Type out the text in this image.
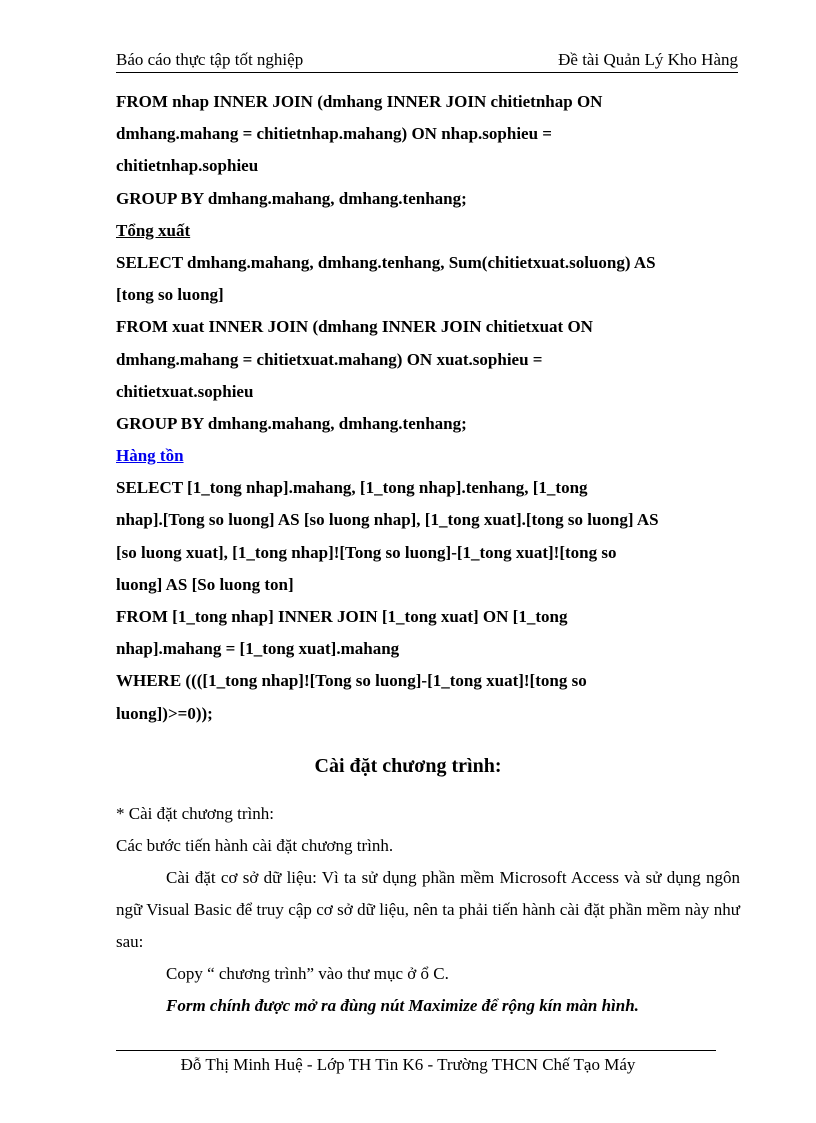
Báo cáo thực tập tốt nghiệp	Đề tài Quản Lý Kho Hàng
FROM nhap INNER JOIN (dmhang INNER JOIN chitietnhap ON
dmhang.mahang = chitietnhap.mahang) ON nhap.sophieu =
chitietnhap.sophieu
GROUP BY dmhang.mahang, dmhang.tenhang;
Tổng xuất
SELECT dmhang.mahang, dmhang.tenhang, Sum(chitietxuat.soluong) AS
[tong so luong]
FROM xuat INNER JOIN (dmhang INNER JOIN chitietxuat ON
dmhang.mahang = chitietxuat.mahang) ON xuat.sophieu =
chitietxuat.sophieu
GROUP BY dmhang.mahang, dmhang.tenhang;
Hàng tồn
SELECT [1_tong nhap].mahang, [1_tong nhap].tenhang, [1_tong
nhap].[Tong so luong] AS [so luong nhap], [1_tong xuat].[tong so luong] AS
[so luong xuat], [1_tong nhap]![Tong so luong]-[1_tong xuat]![tong so
luong] AS [So luong ton]
FROM [1_tong nhap] INNER JOIN [1_tong xuat] ON [1_tong
nhap].mahang = [1_tong xuat].mahang
WHERE ((([1_tong nhap]![Tong so luong]-[1_tong xuat]![tong so
luong])>=0));
Cài đặt chương trình:
* Cài đặt chương trình:
Các bước tiến hành cài đặt chương trình.
Cài đặt cơ sở dữ liệu: Vì ta sử dụng phần mềm Microsoft Access và sử dụng ngôn ngữ Visual Basic để truy cập cơ sở dữ liệu, nên ta phải tiến hành cài đặt phần mềm này như sau:
Copy “ chương trình” vào thư mục ở ổ C.
Form chính được mở ra đùng nút Maximize để rộng kín màn hình.
Đỗ Thị Minh Huệ - Lớp TH Tin K6 - Trường THCN Chế Tạo Máy
